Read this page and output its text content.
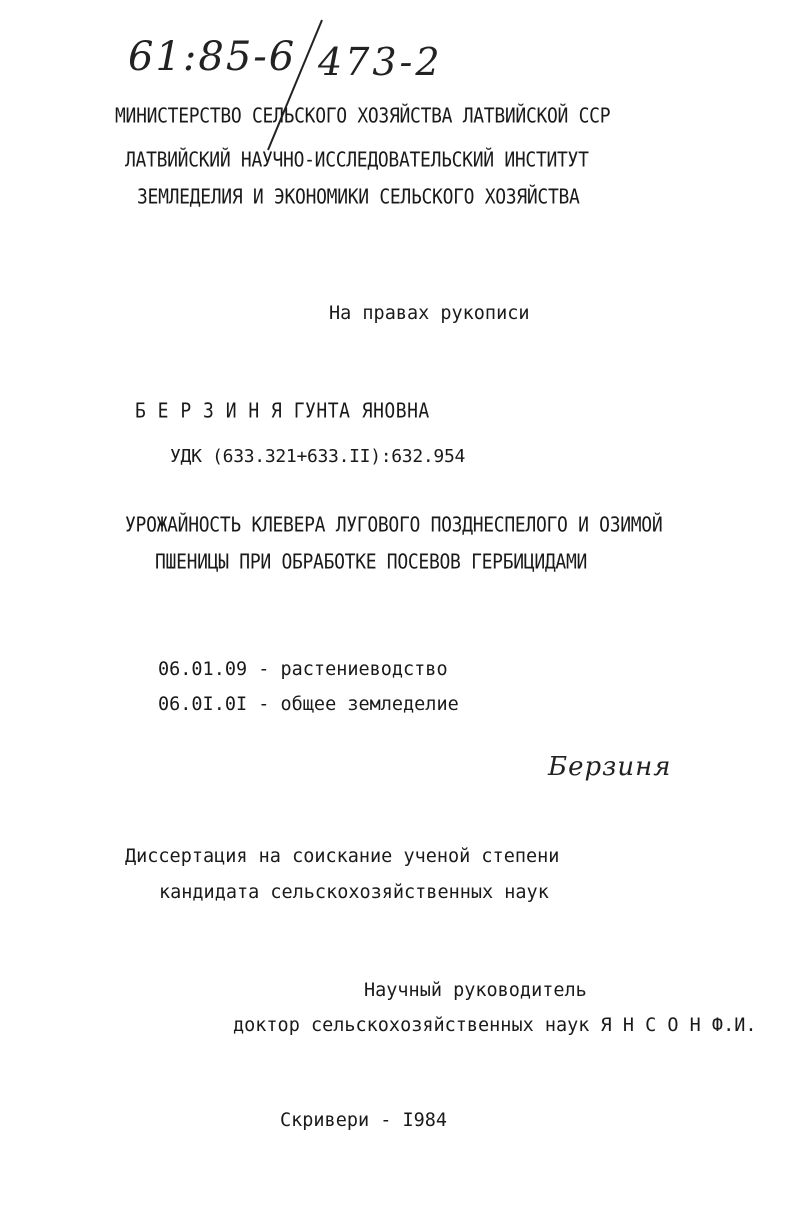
61:85-6 473-2
МИНИСТЕРСТВО СЕЛЬСКОГО ХОЗЯЙСТВА ЛАТВИЙСКОЙ ССР
ЛАТВИЙСКИЙ НАУЧНО-ИССЛЕДОВАТЕЛЬСКИЙ ИНСТИТУТ
ЗЕМЛЕДЕЛИЯ И ЭКОНОМИКИ СЕЛЬСКОГО ХОЗЯЙСТВА
На правах рукописи
Б Е Р З И Н Я ГУНТА ЯНОВНА
УДК (633.321+633.II):632.954
УРОЖАЙНОСТЬ КЛЕВЕРА ЛУГОВОГО ПОЗДНЕСПЕЛОГО И ОЗИМОЙ
ПШЕНИЦЫ ПРИ ОБРАБОТКЕ ПОСЕВОВ ГЕРБИЦИДАМИ
06.01.09 - растениеводство
06.0I.0I - общее земледелие
Берзиня
Диссертация на соискание ученой степени
кандидата сельскохозяйственных наук
Научный руководитель
доктор сельскохозяйственных наук Я Н С О Н Ф.И.
Скривери - I984
